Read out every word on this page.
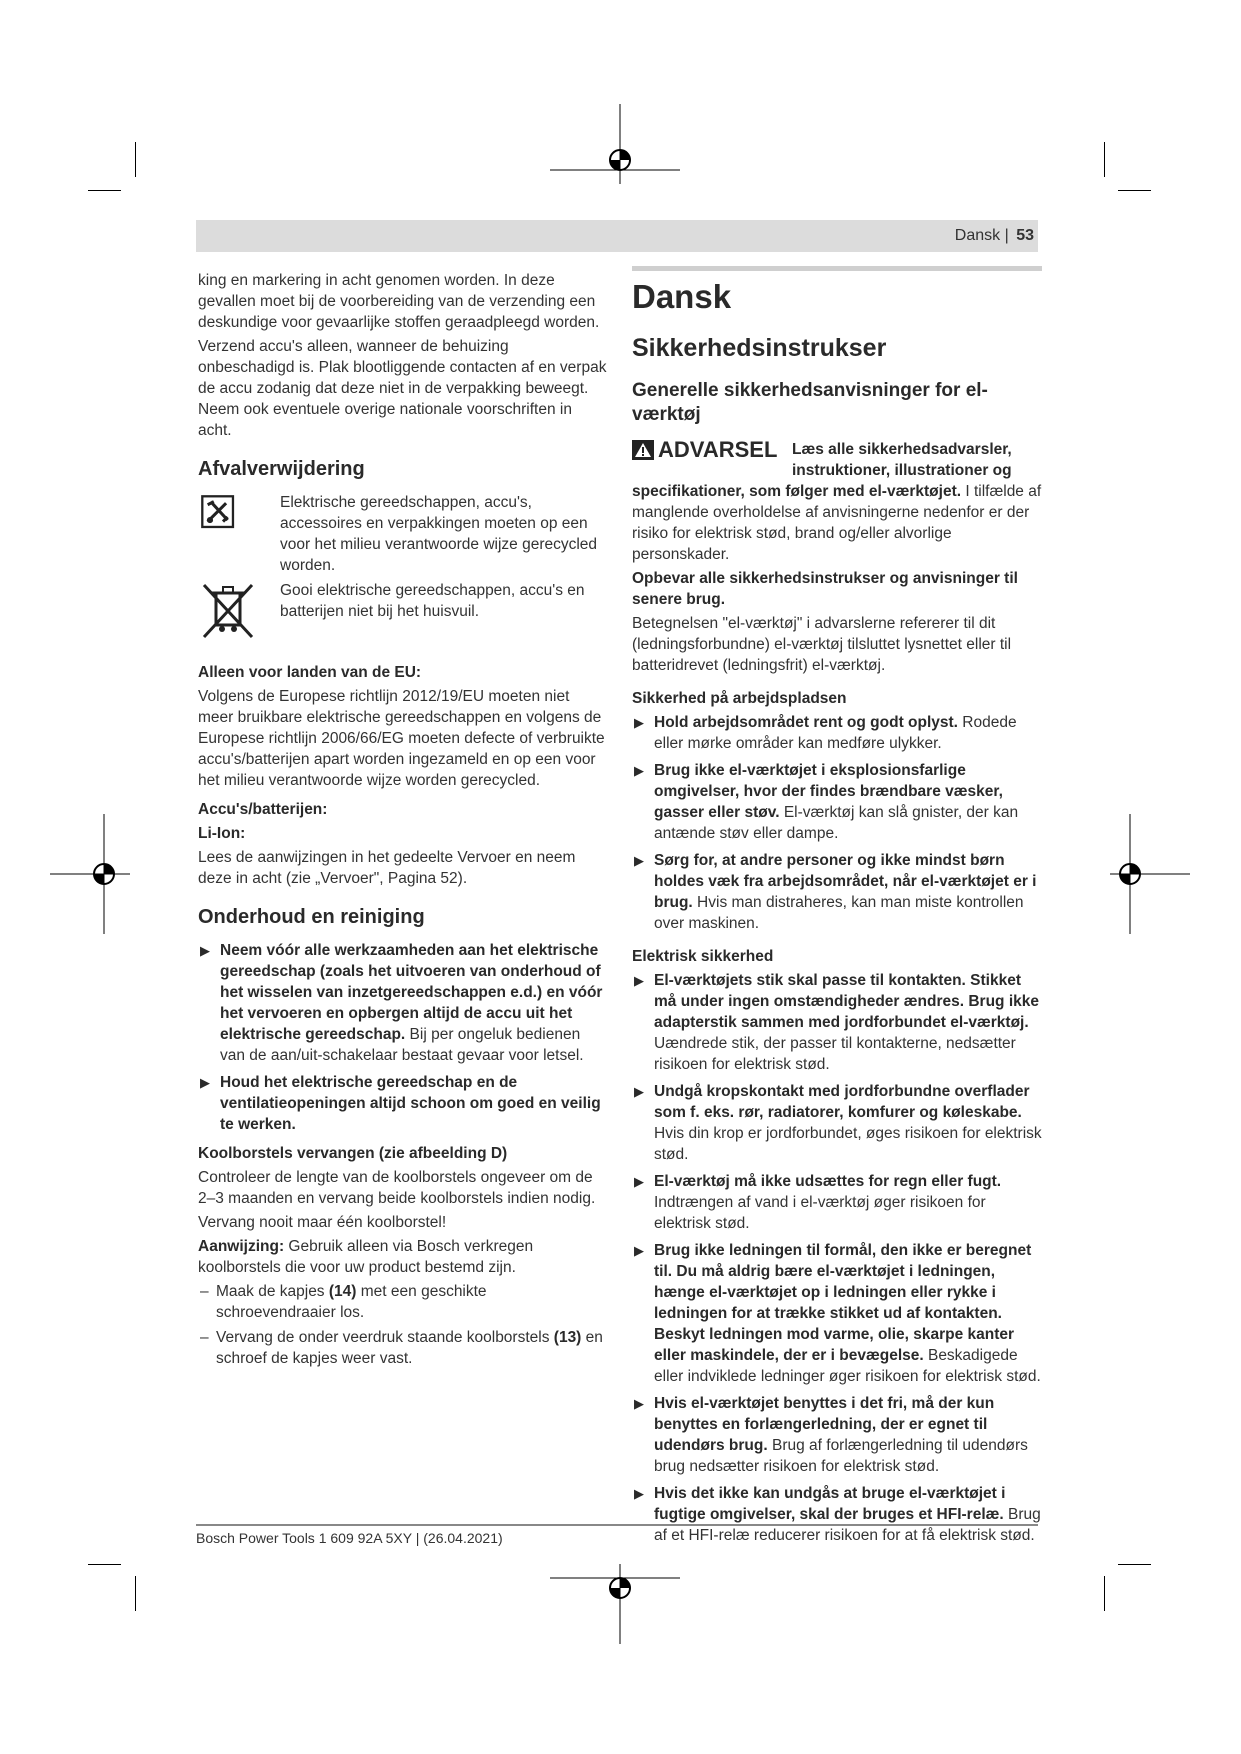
Dansk | 53

king en markering in acht genomen worden. In deze gevallen moet bij de voorbereiding van de verzending een deskundige voor gevaarlijke stoffen geraadpleegd worden.

Verzend accu's alleen, wanneer de behuizing onbeschadigd is. Plak blootliggende contacten af en verpak de accu zodanig dat deze niet in de verpakking beweegt. Neem ook eventuele overige nationale voorschriften in acht.

Afvalverwijdering

Elektrische gereedschappen, accu's, accessoires en verpakkingen moeten op een voor het milieu verantwoorde wijze gerecycled worden.

Gooi elektrische gereedschappen, accu's en batterijen niet bij het huisvuil.

Alleen voor landen van de EU:

Volgens de Europese richtlijn 2012/19/EU moeten niet meer bruikbare elektrische gereedschappen en volgens de Europese richtlijn 2006/66/EG moeten defecte of verbruikte accu's/batterijen apart worden ingezameld en op een voor het milieu verantwoorde wijze worden gerecycled.

Accu's/batterijen:
Li-Ion:

Lees de aanwijzingen in het gedeelte Vervoer en neem deze in acht (zie „Vervoer", Pagina 52).

Onderhoud en reiniging
▶ Neem vóór alle werkzaamheden aan het elektrische gereedschap (zoals het uitvoeren van onderhoud of het wisselen van inzetgereedschappen e.d.) en vóór het vervoeren en opbergen altijd de accu uit het elektrische gereedschap. Bij per ongeluk bedienen van de aan/uit-schakelaar bestaat gevaar voor letsel.
▶ Houd het elektrische gereedschap en de ventilatieopeningen altijd schoon om goed en veilig te werken.
Koolborstels vervangen (zie afbeelding D)

Controleer de lengte van de koolborstels ongeveer om de 2–3 maanden en vervang beide koolborstels indien nodig.

Vervang nooit maar één koolborstel!

Aanwijzing: Gebruik alleen via Bosch verkregen koolborstels die voor uw product bestemd zijn.

– Maak de kapjes (14) met een geschikte schroevendraaier los.
– Vervang de onder veerdruk staande koolborstels (13) en schroef de kapjes weer vast.
Dansk
Sikkerhedsinstrukser
Generelle sikkerhedsanvisninger for el-værktøj
ADVARSEL Læs alle sikkerhedsadvarsler, instruktioner, illustrationer og specifikationer, som følger med el-værktøjet. I tilfælde af manglende overholdelse af anvisningerne nedenfor er der risiko for elektrisk stød, brand og/eller alvorlige personskader.

Opbevar alle sikkerhedsinstrukser og anvisninger til senere brug.

Betegnelsen "el-værktøj" i advarslerne refererer til dit (ledningsforbundne) el-værktøj tilsluttet lysnettet eller til batteridrevet (ledningsfrit) el-værktøj.

Sikkerhed på arbejdspladsen
▶ Hold arbejdsområdet rent og godt oplyst. Rodede eller mørke områder kan medføre ulykker.
▶ Brug ikke el-værktøjet i eksplosionsfarlige omgivelser, hvor der findes brændbare væsker, gasser eller støv. El-værktøj kan slå gnister, der kan antænde støv eller dampe.
▶ Sørg for, at andre personer og ikke mindst børn holdes væk fra arbejdsområdet, når el-værktøjet er i brug. Hvis man distraheres, kan man miste kontrollen over maskinen.
Elektrisk sikkerhed
▶ El-værktøjets stik skal passe til kontakten. Stikket må under ingen omstændigheder ændres. Brug ikke adapterstik sammen med jordforbundet el-værktøj. Uændrede stik, der passer til kontakterne, nedsætter risikoen for elektrisk stød.
▶ Undgå kropskontakt med jordforbundne overflader som f. eks. rør, radiatorer, komfurer og køleskabe. Hvis din krop er jordforbundet, øges risikoen for elektrisk stød.
▶ El-værktøj må ikke udsættes for regn eller fugt. Indtrængen af vand i el-værktøj øger risikoen for elektrisk stød.
▶ Brug ikke ledningen til formål, den ikke er beregnet til. Du må aldrig bære el-værktøjet i ledningen, hænge el-værktøjet op i ledningen eller rykke i ledningen for at trække stikket ud af kontakten. Beskyt ledningen mod varme, olie, skarpe kanter eller maskindele, der er i bevægelse. Beskadigede eller indviklede ledninger øger risikoen for elektrisk stød.
▶ Hvis el-værktøjet benyttes i det fri, må der kun benyttes en forlængerledning, der er egnet til udendørs brug. Brug af forlængerledning til udendørs brug nedsætter risikoen for elektrisk stød.
▶ Hvis det ikke kan undgås at bruge el-værktøjet i fugtige omgivelser, skal der bruges et HFI-relæ. Brug af et HFI-relæ reducerer risikoen for at få elektrisk stød.
Bosch Power Tools 1 609 92A 5XY | (26.04.2021)
